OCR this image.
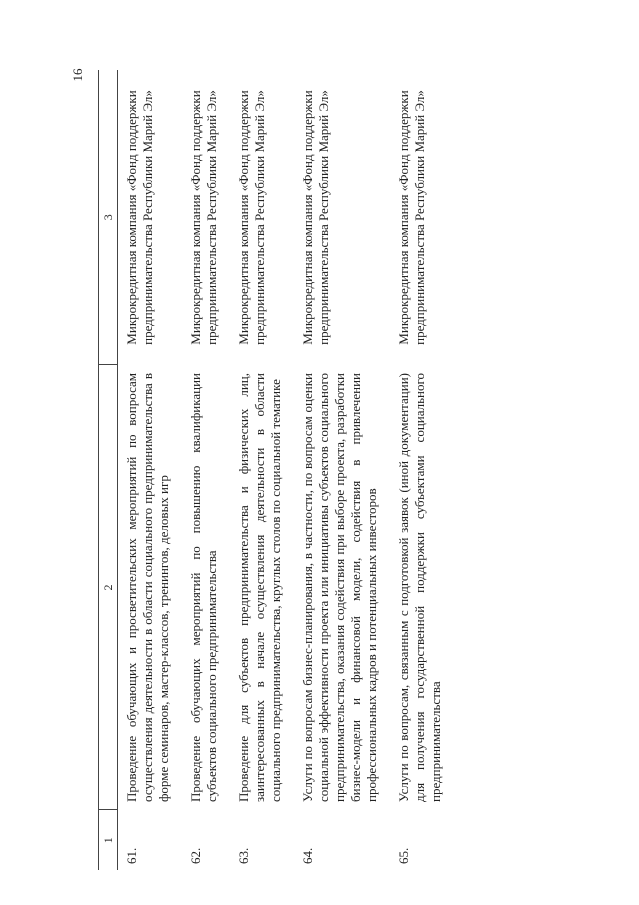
16
1	2	3
61.	Проведение обучающих и просветительских мероприятий по вопросам осуществления деятельности в области социального предпринимательства в форме семинаров, мастер-классов, тренингов, деловых игр	Микрокредитная компания «Фонд поддержки предпринимательства Республики Марий Эл»
62.	Проведение обучающих мероприятий по повышению квалификации субъектов социального предпринимательства	Микрокредитная компания «Фонд поддержки предпринимательства Республики Марий Эл»
63.	Проведение для субъектов предпринимательства и физических лиц, заинтересованных в начале осуществления деятельности в области социального предпринимательства, круглых столов по социальной тематике	Микрокредитная компания «Фонд поддержки предпринимательства Республики Марий Эл»
64.	Услуги по вопросам бизнес-планирования, в частности, по вопросам оценки социальной эффективности проекта или инициативы субъектов социального предпринимательства, оказания содействия при выборе проекта, разработки бизнес-модели и финансовой модели, содействия в привлечении профессиональных кадров и потенциальных инвесторов	Микрокредитная компания «Фонд поддержки предпринимательства Республики Марий Эл»
65.	Услуги по вопросам, связанным с подготовкой заявок (иной документации) для получения государственной поддержки субъектами социального предпринимательства	Микрокредитная компания «Фонд поддержки предпринимательства Республики Марий Эл»
